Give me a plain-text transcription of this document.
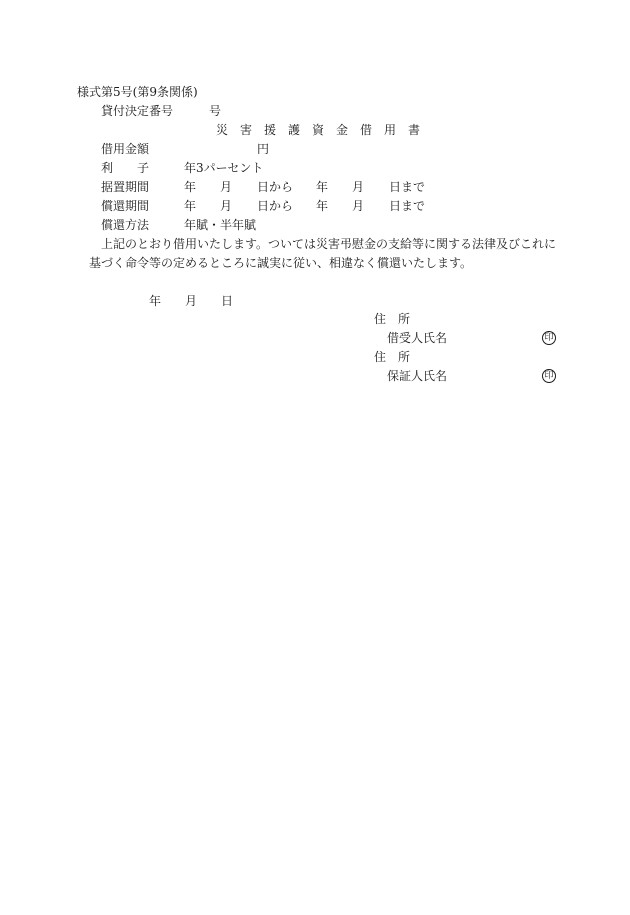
様式第5号(第9条関係)
貸付決定番号	号
災 害 援 護 資 金 借 用 書
借用金額	円
利 子	年3パーセント
据置期間	年 月 日から 年 月 日まで
償還期間	年 月 日から 年 月 日まで
償還方法	年賦・半年賦
上記のとおり借用いたします。ついては災害弔慰金の支給等に関する法律及びこれに
基づく命令等の定めるところに誠実に従い、相違なく償還いたします。
年 月 日
住 所
借受人氏名	印
住 所
保証人氏名	印
